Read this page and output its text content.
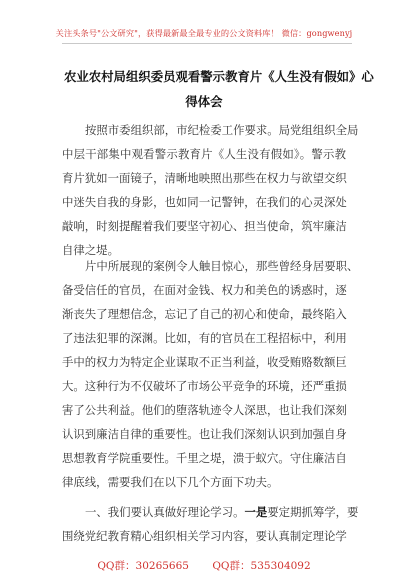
关注头条号"公文研究"，获得最新最全最专业的公文资料库！ 微信：gongwenyj
农业农村局组织委员观看警示教育片《人生没有假如》心
得体会
按照市委组织部，市纪检委工作要求。局党组组织全局
中层干部集中观看警示教育片《人生没有假如》。警示教
育片犹如一面镜子，清晰地映照出那些在权力与欲望交织
中迷失自我的身影，也如同一记警钟，在我们的心灵深处
敲响，时刻提醒着我们要坚守初心、担当使命，筑牢廉洁
自律之堤。
片中所展现的案例令人触目惊心，那些曾经身居要职、
备受信任的官员，在面对金钱、权力和美色的诱惑时，逐
渐丧失了理想信念，忘记了自己的初心和使命，最终陷入
了违法犯罪的深渊。比如，有的官员在工程招标中，利用
手中的权力为特定企业谋取不正当利益，收受贿赂数额巨
大。这种行为不仅破坏了市场公平竞争的环境，还严重损
害了公共利益。他们的堕落轨迹令人深思，也让我们深刻
认识到廉洁自律的重要性。也让我们深刻认识到加强自身
思想教育学院重要性。千里之堤，溃于蚁穴。守住廉洁自
律底线，需要我们在以下几个方面下功夫。
一、我们要认真做好理论学习。一是要定期抓筹学，要
围绕党纪教育精心组织相关学习内容，要认真制定理论学
QQ群：30265665 QQ群：535304092
